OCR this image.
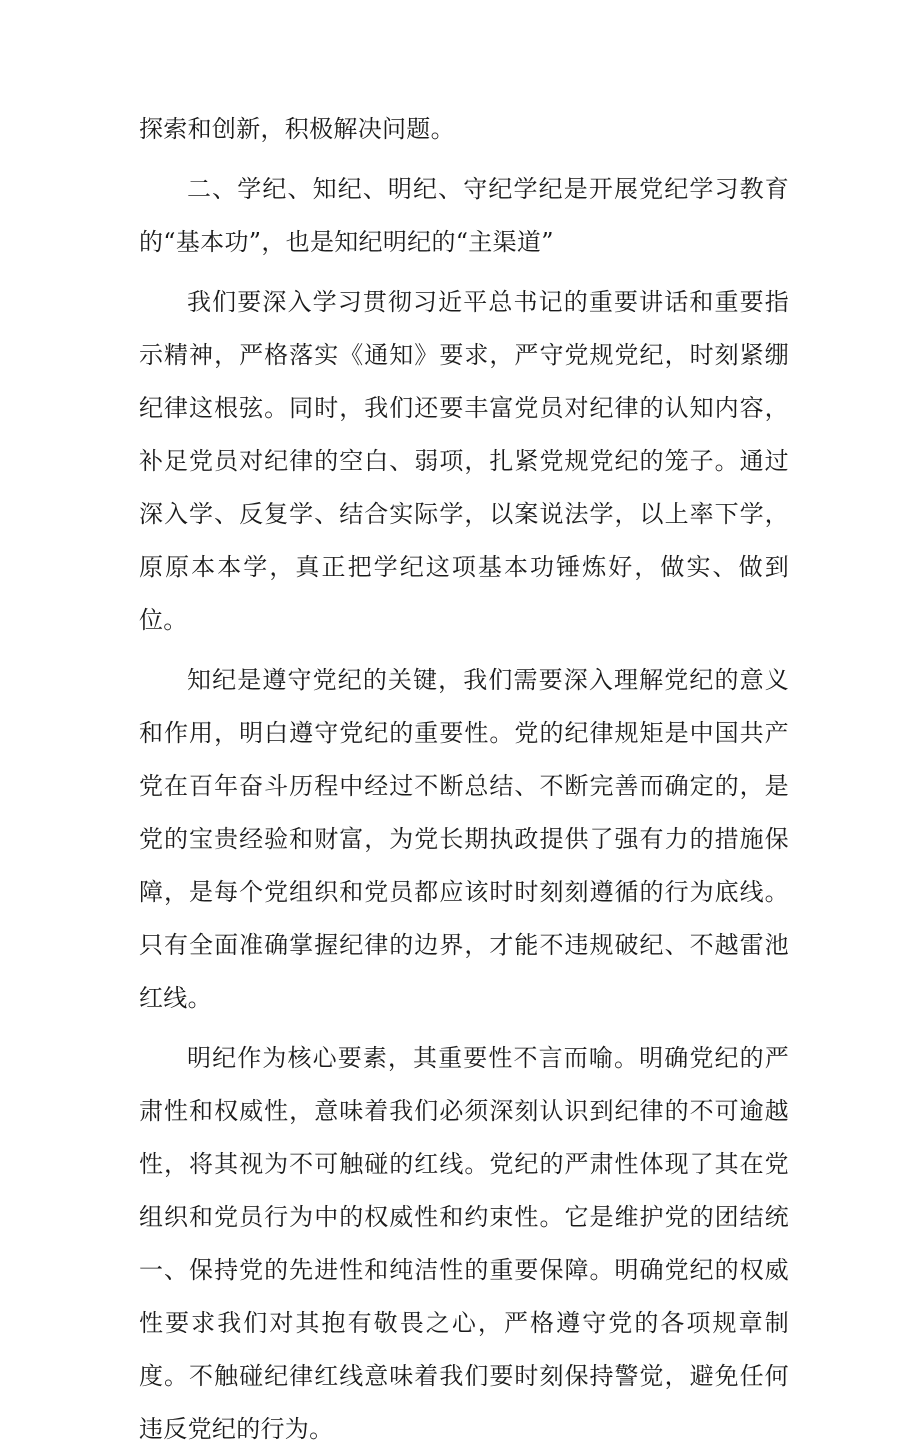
探索和创新，积极解决问题。

二、学纪、知纪、明纪、守纪学纪是开展党纪学习教育的“基本功”，也是知纪明纪的“主渠道”

我们要深入学习贯彻习近平总书记的重要讲话和重要指示精神，严格落实《通知》要求，严守党规党纪，时刻紧绷纪律这根弦。同时，我们还要丰富党员对纪律的认知内容，补足党员对纪律的空白、弱项，扎紧党规党纪的笼子。通过深入学、反复学、结合实际学，以案说法学，以上率下学，原原本本学，真正把学纪这项基本功锤炼好，做实、做到位。

知纪是遵守党纪的关键，我们需要深入理解党纪的意义和作用，明白遵守党纪的重要性。党的纪律规矩是中国共产党在百年奋斗历程中经过不断总结、不断完善而确定的，是党的宝贵经验和财富，为党长期执政提供了强有力的措施保障，是每个党组织和党员都应该时时刻刻遵循的行为底线。只有全面准确掌握纪律的边界，才能不违规破纪、不越雷池红线。

明纪作为核心要素，其重要性不言而喻。明确党纪的严肃性和权威性，意味着我们必须深刻认识到纪律的不可逾越性，将其视为不可触碰的红线。党纪的严肃性体现了其在党组织和党员行为中的权威性和约束性。它是维护党的团结统一、保持党的先进性和纯洁性的重要保障。明确党纪的权威性要求我们对其抱有敬畏之心，严格遵守党的各项规章制度。不触碰纪律红线意味着我们要时刻保持警觉，避免任何违反党纪的行为。
